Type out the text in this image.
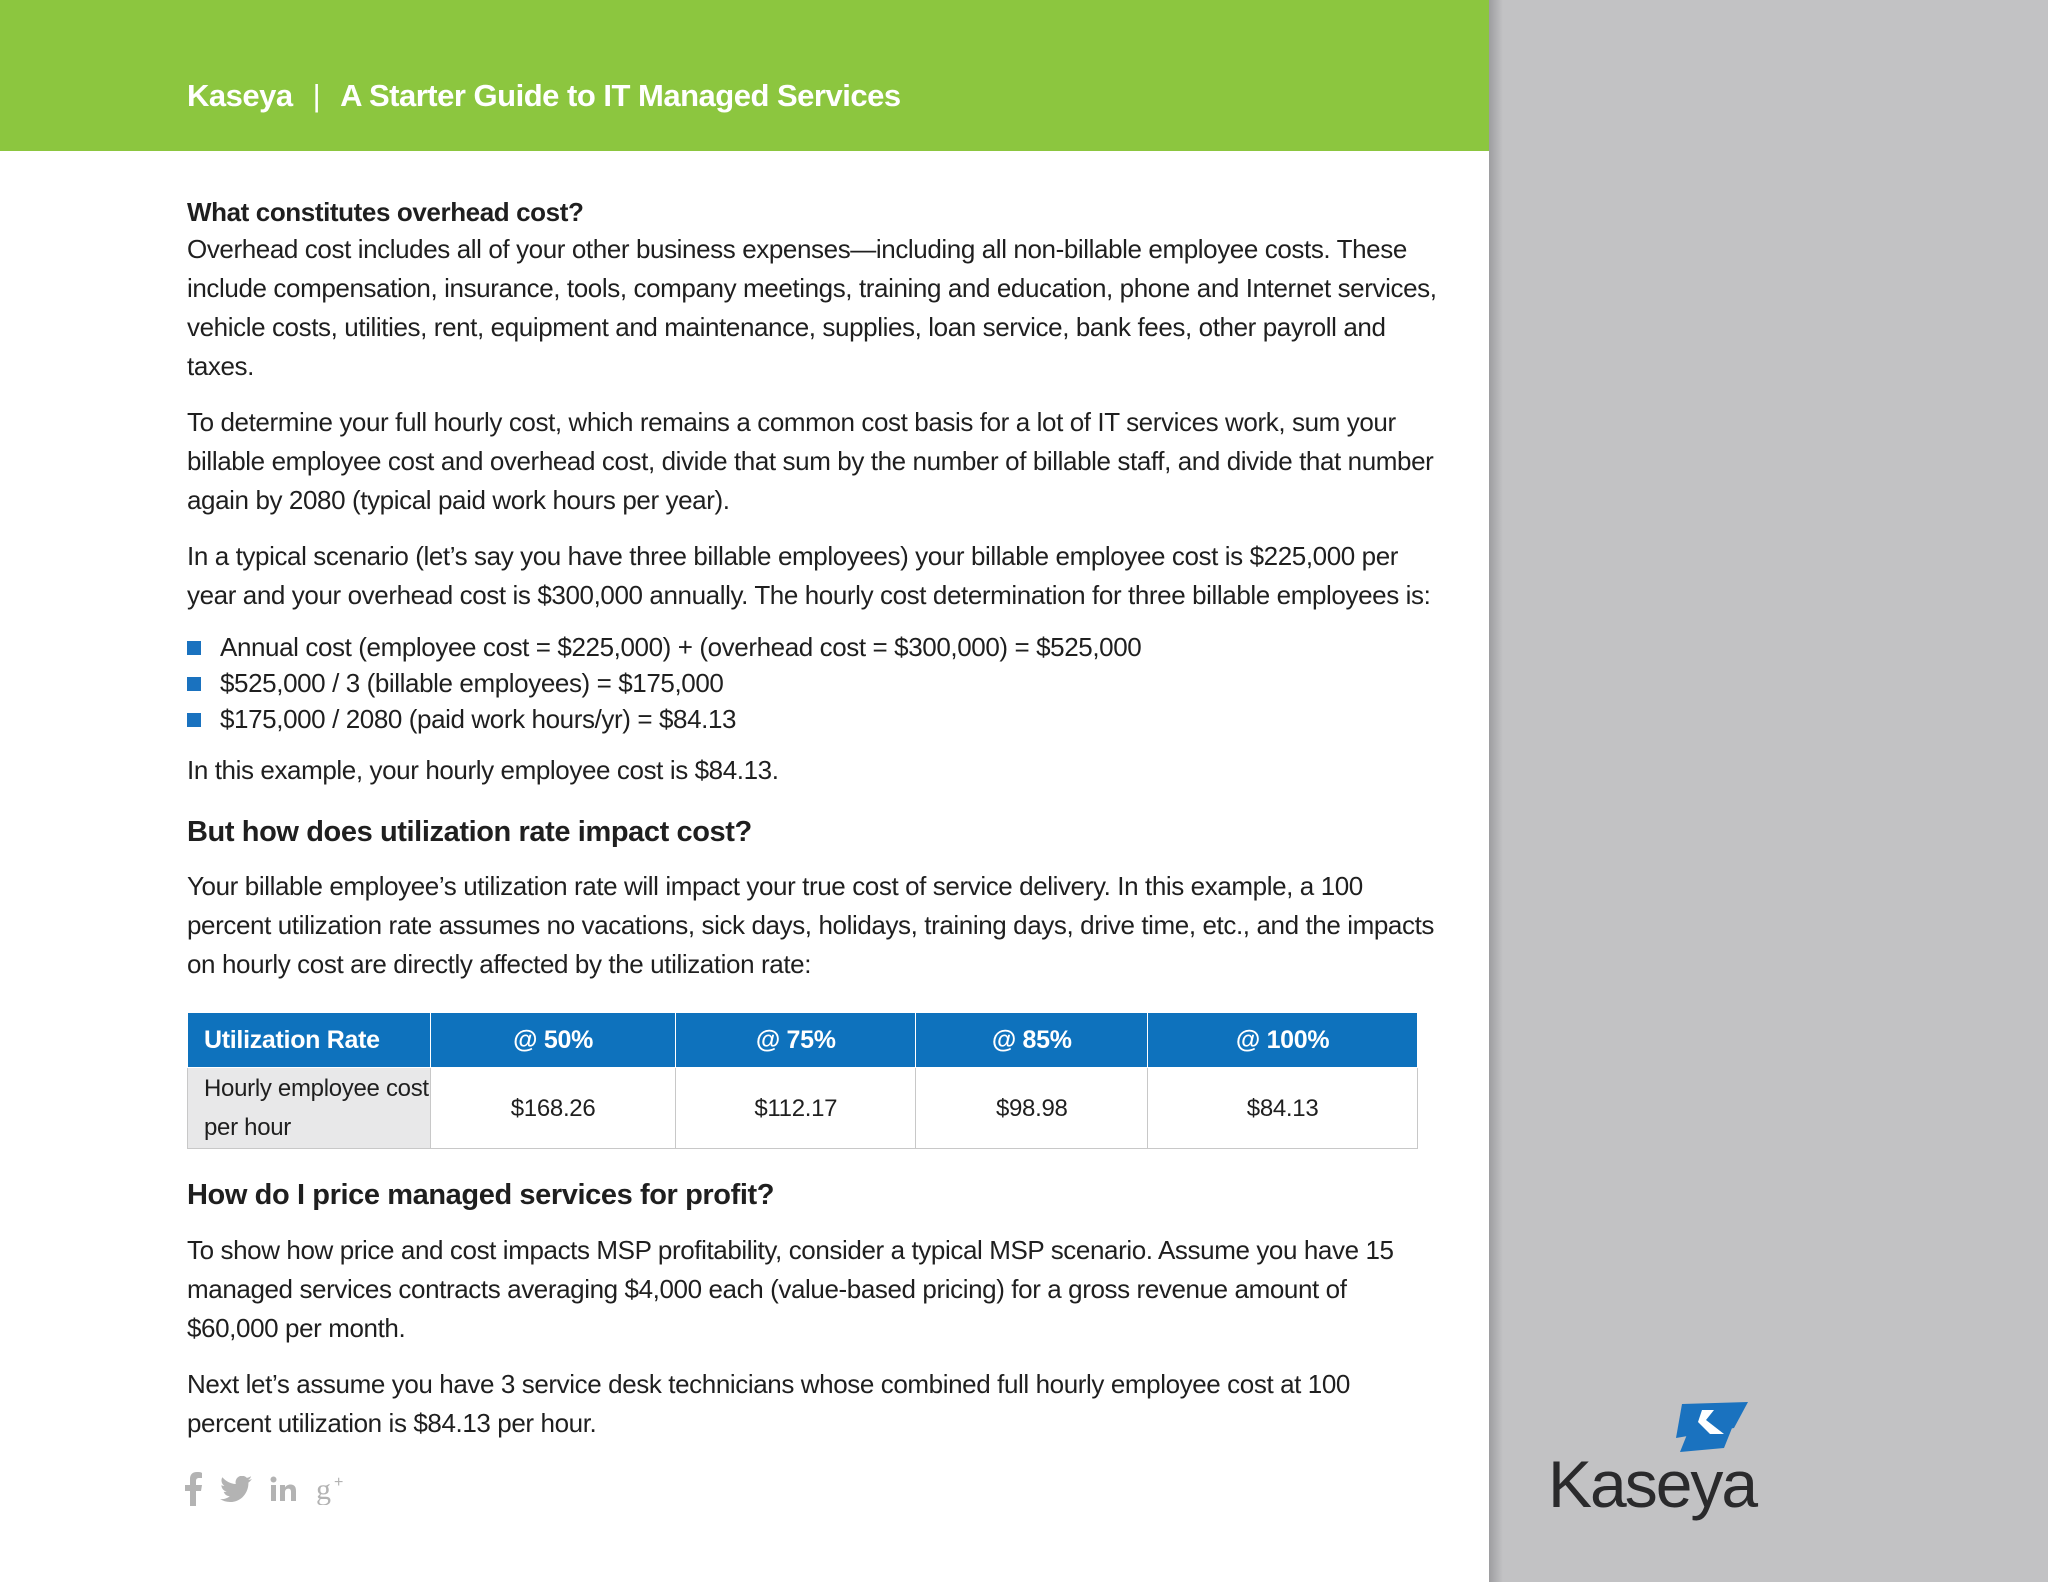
Kaseya | A Starter Guide to IT Managed Services
What constitutes overhead cost?

Overhead cost includes all of your other business expenses—including all non-billable employee costs. These include compensation, insurance, tools, company meetings, training and education, phone and Internet services, vehicle costs, utilities, rent, equipment and maintenance, supplies, loan service, bank fees, other payroll and taxes.

To determine your full hourly cost, which remains a common cost basis for a lot of IT services work, sum your billable employee cost and overhead cost, divide that sum by the number of billable staff, and divide that number again by 2080 (typical paid work hours per year).

In a typical scenario (let’s say you have three billable employees) your billable employee cost is $225,000 per year and your overhead cost is $300,000 annually. The hourly cost determination for three billable employees is:

Annual cost (employee cost = $225,000) + (overhead cost = $300,000) = $525,000
$525,000 / 3 (billable employees) = $175,000
$175,000 / 2080 (paid work hours/yr) = $84.13

In this example, your hourly employee cost is $84.13.

But how does utilization rate impact cost?

Your billable employee’s utilization rate will impact your true cost of service delivery. In this example, a 100 percent utilization rate assumes no vacations, sick days, holidays, training days, drive time, etc., and the impacts on hourly cost are directly affected by the utilization rate:

Utilization Rate	@ 50%	@ 75%	@ 85%	@ 100%
Hourly employee cost per hour	$168.26	$112.17	$98.98	$84.13
How do I price managed services for profit?

To show how price and cost impacts MSP profitability, consider a typical MSP scenario. Assume you have 15 managed services contracts averaging $4,000 each (value-based pricing) for a gross revenue amount of $60,000 per month.

Next let’s assume you have 3 service desk technicians whose combined full hourly employee cost at 100 percent utilization is $84.13 per hour.

g +	Kaseya
